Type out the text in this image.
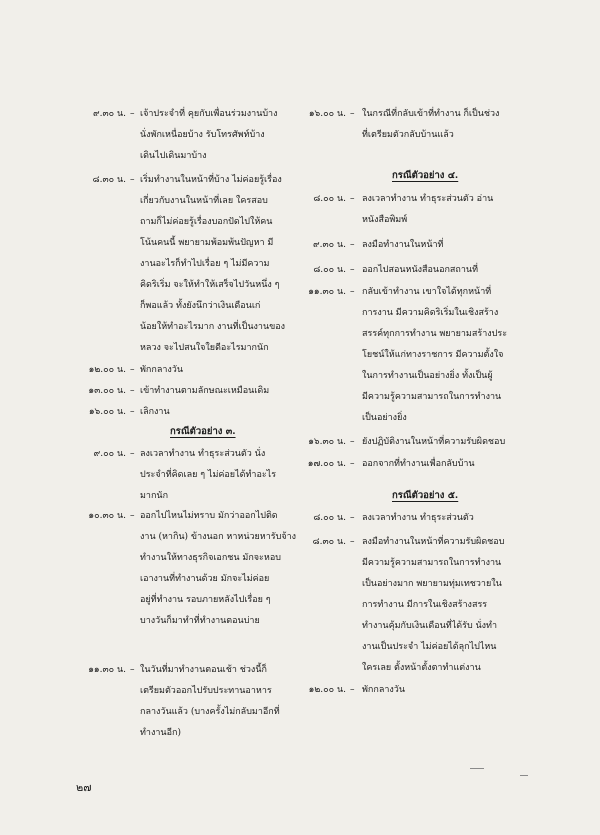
๙.๓๐ น. – เจ้าประจำที่ คุยกับเพื่อนร่วมงานบ้าง
นั่งพักเหนื่อยบ้าง รับโทรศัพท์บ้าง
เดินไปเดินมาบ้าง
๘.๓๐ น. – เริ่มทำงานในหน้าที่บ้าง ไม่ค่อยรู้เรื่อง
เกี่ยวกับงานในหน้าที่เลย ใครสอบ
ถามก็ไม่ค่อยรู้เรื่องบอกปัดไปให้คน
โน้นคนนี้ พยายามพ้อมพ้นปัญหา มี
งานอะไรก็ทำไปเรื่อย ๆ ไม่มีความ
คิดริเริ่ม จะให้ทำให้เสร็จไปวันหนึ่ง ๆ
ก็พอแล้ว ทั้งยังนึกว่าเงินเดือนเก่
น้อยให้ทำอะไรมาก งานที่เป็นงานของ
หลวง จะไปสนใจใยดีอะไรมากนัก
๑๒.๐๐ น. – พักกลางวัน
๑๓.๐๐ น. – เข้าทำงานตามลักษณะเหมือนเดิม
๑๖.๐๐ น. – เลิกงาน
กรณีตัวอย่าง ๓.
๙.๐๐ น. – ลงเวลาทำงาน ทำธุระส่วนตัว นั่ง
ประจำที่คิดเลย ๆ ไม่ค่อยได้ทำอะไร
มากนัก
๑๐.๓๐ น. – ออกไปไหนไม่ทราบ มักว่าออกไปติด
งาน (หากิน) ข้างนอก หาหน่วยหารับจ้าง
ทำงานให้ทางธุรกิจเอกชน มักจะหอบ
เอางานที่ทำงานด้วย มักจะไม่ค่อย
อยู่ที่ทำงาน รอบภายหลังไปเรื่อย ๆ
บางวันก็มาทำที่ทำงานตอนบ่าย
๑๑.๓๐ น. – ในวันที่มาทำงานตอนเช้า ช่วงนี้ก็
เตรียมตัวออกไปรับประทานอาหาร
กลางวันแล้ว (บางครั้งไม่กลับมาอีกที่
ทำงานอีก)
๑๖.๐๐ น. – ในกรณีที่กลับเข้าที่ทำงาน ก็เป็นช่วง
ที่เตรียมตัวกลับบ้านแล้ว
กรณีตัวอย่าง ๔.
๘.๐๐ น. – ลงเวลาทำงาน ทำธุระส่วนตัว อ่าน
หนังสือพิมพ์
๙.๓๐ น. – ลงมือทำงานในหน้าที่
๘.๐๐ น. – ออกไปสอนหนังสือนอกสถานที่
๑๑.๓๐ น. – กลับเข้าทำงาน เขาใจได้ทุกหน้าที่
การงาน มีความคิดริเริ่มในเชิงสร้าง
สรรค์ทุกการทำงาน พยายามสร้างประ
โยชน์ให้แก่ทางราชการ มีความตั้งใจ
ในการทำงานเป็นอย่างยิ่ง ทั้งเป็นผู้
มีความรู้ความสามารถในการทำงาน
เป็นอย่างยิ่ง
๑๖.๓๐ น. – ยังปฏิบัติงานในหน้าที่ความรับผิดชอบ
๑๗.๐๐ น. – ออกจากที่ทำงานเพื่อกลับบ้าน
กรณีตัวอย่าง ๕.
๘.๐๐ น. – ลงเวลาทำงาน ทำธุระส่วนตัว
๘.๓๐ น. – ลงมือทำงานในหน้าที่ความรับผิดชอบ
มีความรู้ความสามารถในการทำงาน
เป็นอย่างมาก พยายามทุ่มเทชวายใน
การทำงาน มีการในเชิงสร้างสรร
ทำงานคุ้มกับเงินเดือนที่ได้รับ นั่งทำ
งานเป็นประจำ ไม่ค่อยได้ลุกไปไหน
ใครเลย ตั้งหน้าตั้งตาทำแต่งาน
๑๒.๐๐ น. – พักกลางวัน
๒๗
